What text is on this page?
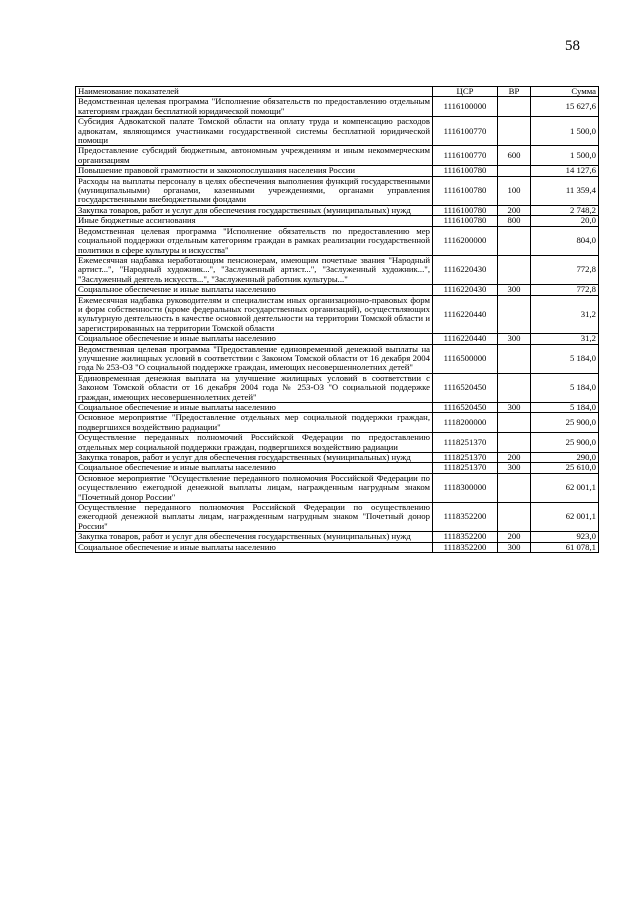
58
Наименование показателей	ЦСР	ВР	Сумма
Ведомственная целевая программа "Исполнение обязательств по предоставлению отдельным категориям граждан бесплатной юридической помощи"	1116100000		15 627,6
Субсидия Адвокатской палате Томской области на оплату труда и компенсацию расходов адвокатам, являющимся участниками государственной системы бесплатной юридической помощи	1116100770		1 500,0
Предоставление субсидий бюджетным, автономным учреждениям и иным некоммерческим организациям	1116100770	600	1 500,0
Повышение правовой грамотности и законопослушания населения России	1116100780		14 127,6
Расходы на выплаты персоналу в целях обеспечения выполнения функций государственными (муниципальными) органами, казенными учреждениями, органами управления государственными внебюджетными фондами	1116100780	100	11 359,4
Закупка товаров, работ и услуг для обеспечения государственных (муниципальных) нужд	1116100780	200	2 748,2
Иные бюджетные ассигнования	1116100780	800	20,0
Ведомственная целевая программа "Исполнение обязательств по предоставлению мер социальной поддержки отдельным категориям граждан в рамках реализации государственной политики в сфере культуры и искусства"	1116200000		804,0
Ежемесячная надбавка неработающим пенсионерам, имеющим почетные звания "Народный артист...", "Народный художник...", "Заслуженный артист...", "Заслуженный художник...", "Заслуженный деятель искусств...", "Заслуженный работник культуры..."	1116220430		772,8
Социальное обеспечение и иные выплаты населению	1116220430	300	772,8
Ежемесячная надбавка руководителям и специалистам иных организационно-правовых форм и форм собственности (кроме федеральных государственных организаций), осуществляющих культурную деятельность в качестве основной деятельности на территории Томской области и зарегистрированных на территории Томской области	1116220440		31,2
Социальное обеспечение и иные выплаты населению	1116220440	300	31,2
Ведомственная целевая программа "Предоставление единовременной денежной выплаты на улучшение жилищных условий в соответствии с Законом Томской области от 16 декабря 2004 года № 253-ОЗ "О социальной поддержке граждан, имеющих несовершеннолетних детей"	1116500000		5 184,0
Единовременная денежная выплата на улучшение жилищных условий в соответствии с Законом Томской области от 16 декабря 2004 года № 253-ОЗ "О социальной поддержке граждан, имеющих несовершеннолетних детей"	1116520450		5 184,0
Социальное обеспечение и иные выплаты населению	1116520450	300	5 184,0
Основное мероприятие "Предоставление отдельных мер социальной поддержки граждан, подвергшихся воздействию радиации"	1118200000		25 900,0
Осуществление переданных полномочий Российской Федерации по предоставлению отдельных мер социальной поддержки граждан, подвергшихся воздействию радиации	1118251370		25 900,0
Закупка товаров, работ и услуг для обеспечения государственных (муниципальных) нужд	1118251370	200	290,0
Социальное обеспечение и иные выплаты населению	1118251370	300	25 610,0
Основное мероприятие "Осуществление переданного полномочия Российской Федерации по осуществлению ежегодной денежной выплаты лицам, награжденным нагрудным знаком "Почетный донор России"	1118300000		62 001,1
Осуществление переданного полномочия Российской Федерации по осуществлению ежегодной денежной выплаты лицам, награжденным нагрудным знаком "Почетный донор России"	1118352200		62 001,1
Закупка товаров, работ и услуг для обеспечения государственных (муниципальных) нужд	1118352200	200	923,0
Социальное обеспечение и иные выплаты населению	1118352200	300	61 078,1
